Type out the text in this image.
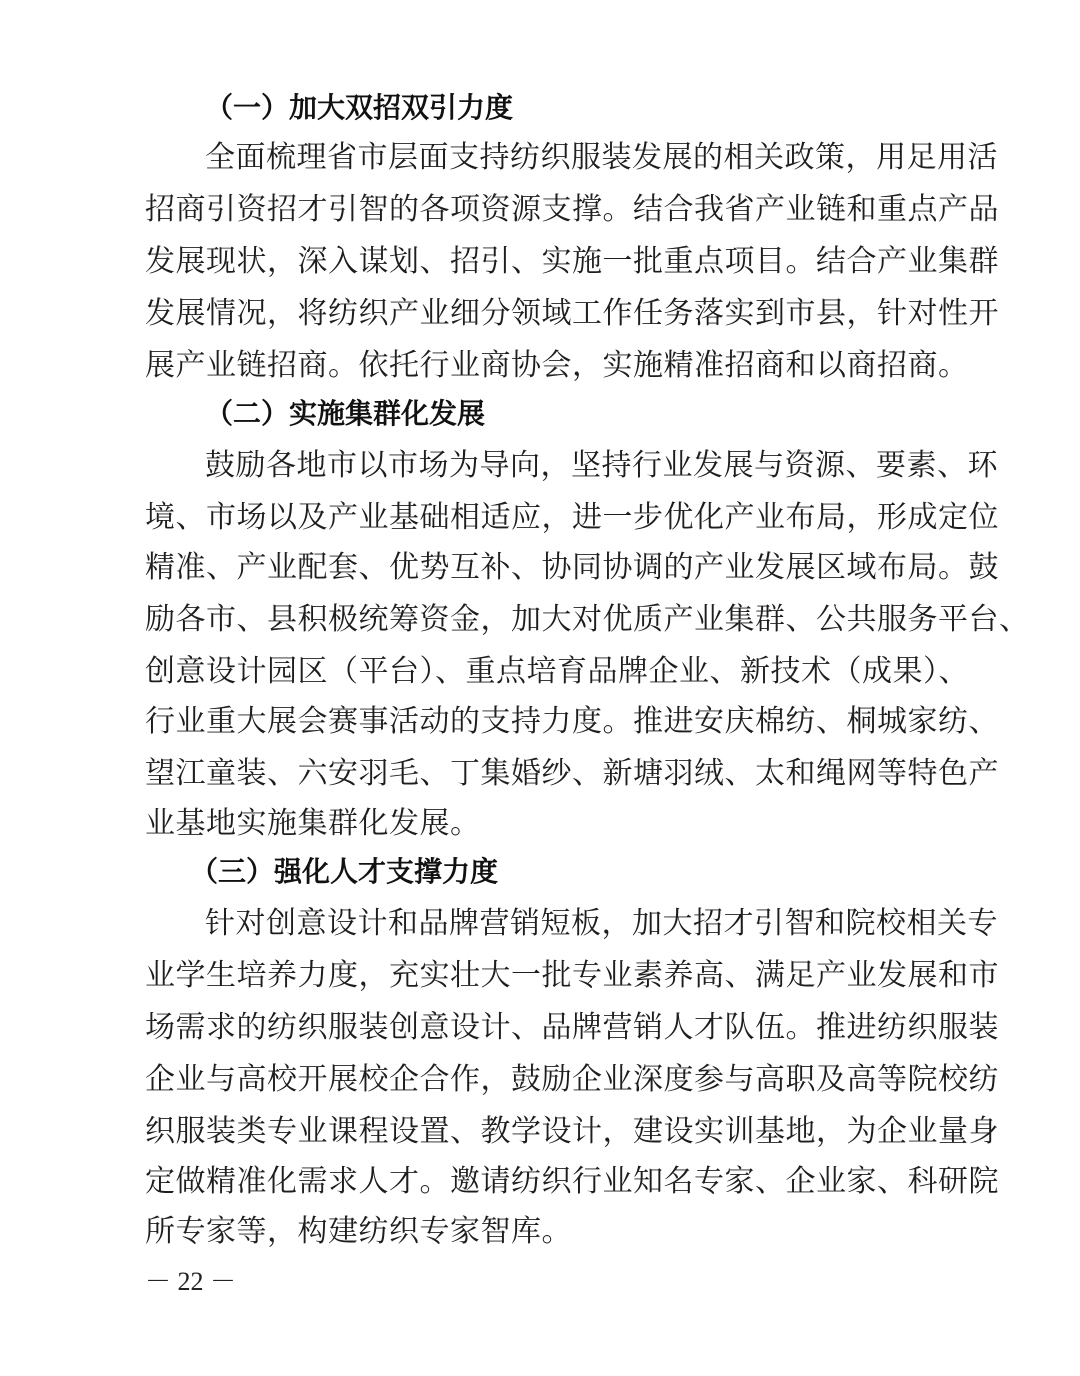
（一）加大双招双引力度
全面梳理省市层面支持纺织服装发展的相关政策，用足用活
招商引资招才引智的各项资源支撑。结合我省产业链和重点产品
发展现状，深入谋划、招引、实施一批重点项目。结合产业集群
发展情况，将纺织产业细分领域工作任务落实到市县，针对性开
展产业链招商。依托行业商协会，实施精准招商和以商招商。
（二）实施集群化发展
鼓励各地市以市场为导向，坚持行业发展与资源、要素、环
境、市场以及产业基础相适应，进一步优化产业布局，形成定位
精准、产业配套、优势互补、协同协调的产业发展区域布局。鼓
励各市、县积极统筹资金，加大对优质产业集群、公共服务平台、
创意设计园区（平台）、重点培育品牌企业、新技术（成果）、
行业重大展会赛事活动的支持力度。推进安庆棉纺、桐城家纺、
望江童装、六安羽毛、丁集婚纱、新塘羽绒、太和绳网等特色产
业基地实施集群化发展。
（三）强化人才支撑力度
针对创意设计和品牌营销短板，加大招才引智和院校相关专
业学生培养力度，充实壮大一批专业素养高、满足产业发展和市
场需求的纺织服装创意设计、品牌营销人才队伍。推进纺织服装
企业与高校开展校企合作，鼓励企业深度参与高职及高等院校纺
织服装类专业课程设置、教学设计，建设实训基地，为企业量身
定做精准化需求人才。邀请纺织行业知名专家、企业家、科研院
所专家等，构建纺织专家智库。
－ 22 －
